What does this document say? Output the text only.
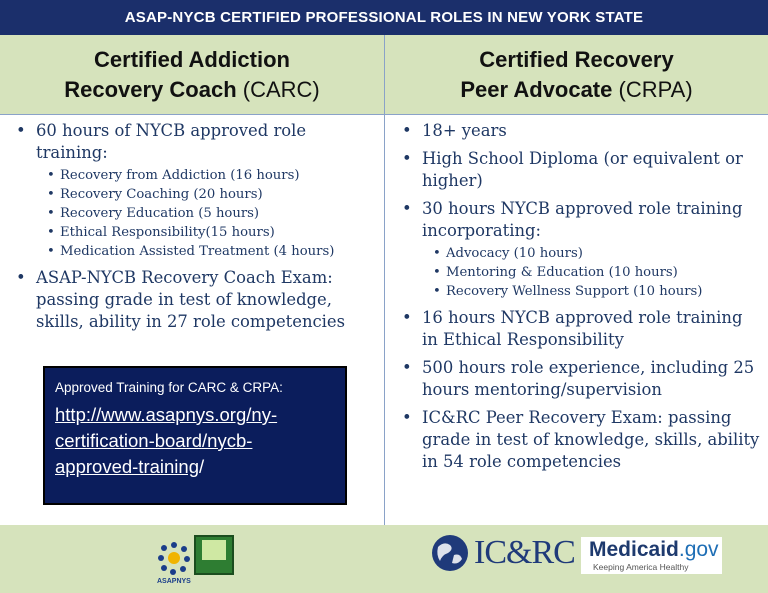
ASAP-NYCB CERTIFIED PROFESSIONAL ROLES IN NEW YORK STATE
Certified Addiction
Recovery Coach (CARC)
Certified Recovery
Peer Advocate (CRPA)
• 60 hours of NYCB approved role training:
• Recovery from Addiction (16 hours)
• Recovery Coaching (20 hours)
• Recovery Education (5 hours)
• Ethical Responsibility(15 hours)
• Medication Assisted Treatment (4 hours)
• ASAP-NYCB Recovery Coach Exam: passing grade in test of knowledge, skills, ability in 27 role competencies
Approved Training for CARC & CRPA:
http://www.asapnys.org/ny-
certification-board/nycb-
approved-training/
• 18+ years
• High School Diploma (or equivalent or higher)
• 30 hours NYCB approved role training incorporating:
• Advocacy (10 hours)
• Mentoring & Education (10 hours)
• Recovery Wellness Support (10 hours)
• 16 hours NYCB approved role training in Ethical Responsibility
• 500 hours role experience, including 25 hours mentoring/supervision
• IC&RC Peer Recovery Exam: passing grade in test of knowledge, skills, ability in 54 role competencies
ASAPNYS
IC&RC Medicaid.gov
Keeping America Healthy
